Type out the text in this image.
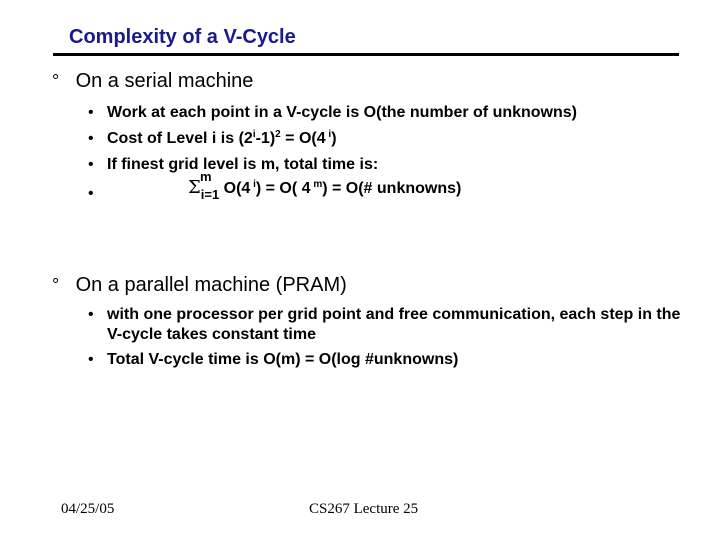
Complexity of a V-Cycle
° On a serial machine
• Work at each point in a V-cycle is O(the number of unknowns)
• Cost of Level i is $(2^i-1)^2 = O(4$ $^i$)
• If finest grid level is m, total time is:
•	Σ
m
$_{i=1}$ O(4 $^i$) = O( 4 $^m$) = O(# unknowns)
° On a parallel machine (PRAM)
• with one processor per grid point and free communication, each step in the V-cycle takes constant time
• Total V-cycle time is O(m) = O(log #unknowns)
04/25/05	CS267 Lecture 25
